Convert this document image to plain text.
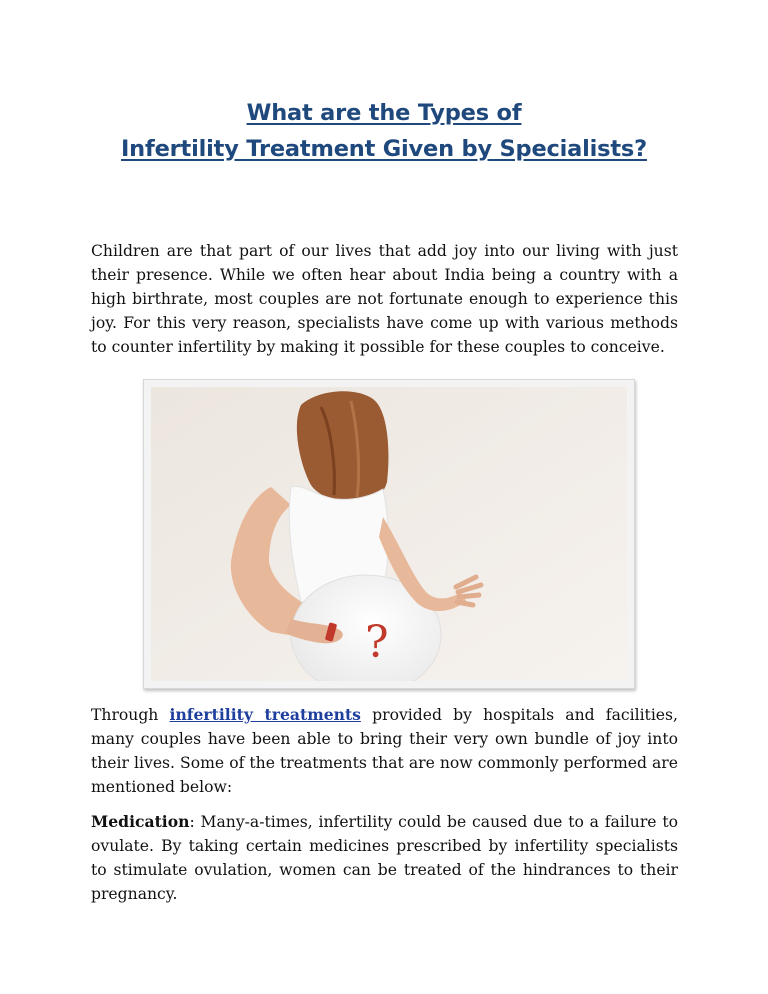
What are the Types of
Infertility Treatment Given by Specialists?

Children are that part of our lives that add joy into our living with just their presence. While we often hear about India being a country with a high birthrate, most couples are not fortunate enough to experience this joy. For this very reason, specialists have come up with various methods to counter infertility by making it possible for these couples to conceive.

?

Through infertility treatments provided by hospitals and facilities, many couples have been able to bring their very own bundle of joy into their lives. Some of the treatments that are now commonly performed are mentioned below:

Medication: Many-a-times, infertility could be caused due to a failure to ovulate. By taking certain medicines prescribed by infertility specialists to stimulate ovulation, women can be treated of the hindrances to their pregnancy.
